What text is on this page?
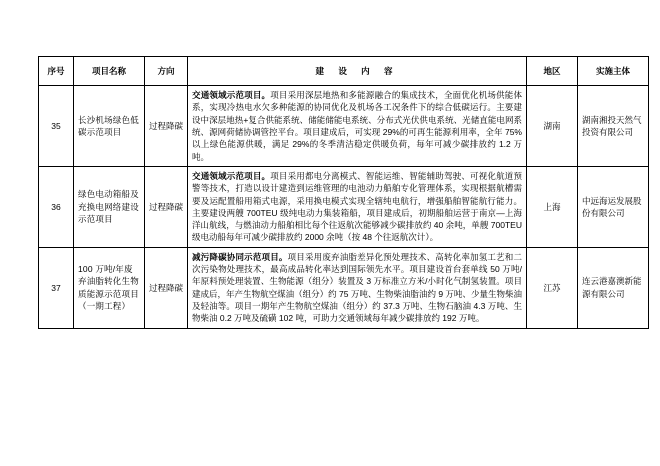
序号	项目名称	方向	建 设 内 容	地区	实施主体
35	长沙机场绿色低碳示范项目	过程降碳	交通领域示范项目。项目采用深层地热和多能源融合的集成技术，全面优化机场供能体系，实现冷热电水欠多种能源的协同优化及机场各工况条件下的综合低碳运行。主要建设中深层地热+复合供能系统、储能储能电系统、分布式光伏供电系统、光储直能电网系统、源网荷储协调管控平台。项目建成后，可实现 29%的可再生能源利用率，全年 75%以上绿色能源供暖，满足 29%的冬季清洁稳定供暖负荷，每年可减少碳排放约 1.2 万吨。	湖南	湖南湘投天然气投资有限公司
36	绿色电动箱船及充换电网络建设示范项目	过程降碳	交通领域示范项目。项目采用都电分离模式、智能运维、智能辅助驾驶、可视化航道预警等技术，打造以设计建造到运维管理的电池动力船舶专化管理体系，实现根据航槽需要及运配置船用箱式电源，采用换电模式实现全辖纯电航行，增强船舶智能航行能力。主要建设两艘 700TEU 级纯电动力集装箱船，项目建成后，初期船舶运营于南京—上海洋山航线，与燃油动力船舶相比每个往返航次能够减少碳排放约 40 余吨，单艘 700TEU 级电动船每年可减少碳排放约 2000 余吨（按 48 个往返航次计）。	上海	中远海运发展股份有限公司
37	100 万吨/年废弃油脂转化生物质能源示范项目（一期工程）	过程降碳	减污降碳协同示范项目。项目采用废弃油脂差异化预处理技术、高转化率加氢工艺和二次污染物处理技术，最高成品转化率达到国际领先水平。项目建设首台套单线 50 万吨/年原料预处理装置、生物能源（组分）装置及 3 万标准立方米/小时化气制氢装置。项目建成后，年产生物航空煤油（组分）约 75 万吨、生物柴油脂油约 9 万吨、少量生物柴油及轻油等。项目一期年产生物航空煤油（组分）约 37.3 万吨、生物石脑油 4.3 万吨、生物柴油 0.2 万吨及硫磺 102 吨，可助力交通领域每年减少碳排放约 192 万吨。	江苏	连云港嘉澳新能源有限公司
